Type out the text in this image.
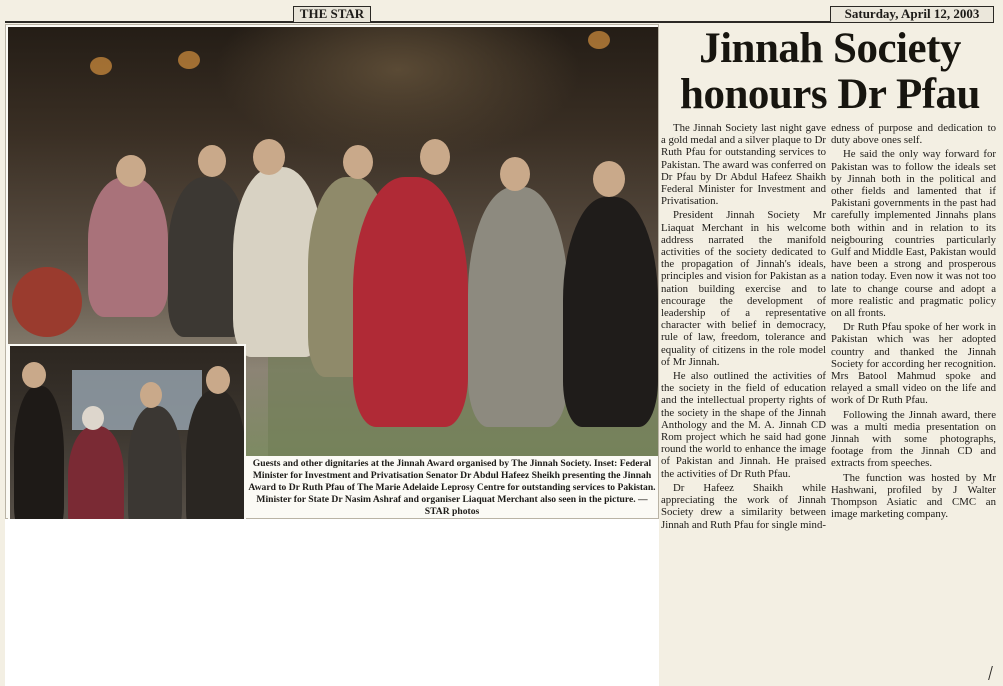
THE STAR	Saturday, April 12, 2003

Guests and other dignitaries at the Jinnah Award organised by The Jinnah Society. Inset: Federal Minister for Investment and Privatisation Senator Dr Abdul Hafeez Sheikh presenting the Jinnah Award to Dr Ruth Pfau of The Marie Adelaide Leprosy Centre for outstanding services to Pakistan. Minister for State Dr Nasim Ashraf and organiser Liaquat Merchant also seen in the picture. —STAR photos

Jinnah Society
honours Dr Pfau

The Jinnah Society last night gave a gold medal and a silver plaque to Dr Ruth Pfau for outstanding services to Pakistan. The award was conferred on Dr Pfau by Dr Abdul Hafeez Shaikh Federal Minister for Investment and Privatisation.

President Jinnah Society Mr Liaquat Merchant in his welcome address narrated the manifold activities of the society dedicated to the propagation of Jinnah's ideals, principles and vision for Pakistan as a nation building exercise and to encourage the development of leadership of a representative character with belief in democracy, rule of law, freedom, tolerance and equality of citizens in the role model of Mr Jinnah.

He also outlined the activities of the society in the field of education and the intellectual property rights of the society in the shape of the Jinnah Anthology and the M. A. Jinnah CD Rom project which he said had gone round the world to enhance the image of Pakistan and Jinnah. He praised the activities of Dr Ruth Pfau.

Dr Hafeez Shaikh while appreciating the work of Jinnah Society drew a similarity between Jinnah and Ruth Pfau for single mind-

edness of purpose and dedication to duty above ones self.

He said the only way forward for Pakistan was to follow the ideals set by Jinnah both in the political and other fields and lamented that if Pakistani governments in the past had carefully implemented Jinnahs plans both within and in relation to its neigbouring countries particularly Gulf and Middle East, Pakistan would have been a strong and prosperous nation today. Even now it was not too late to change course and adopt a more realistic and pragmatic policy on all fronts.

Dr Ruth Pfau spoke of her work in Pakistan which was her adopted country and thanked the Jinnah Society for according her recognition. Mrs Batool Mahmud spoke and relayed a small video on the life and work of Dr Ruth Pfau.

Following the Jinnah award, there was a multi media presentation on Jinnah with some photographs, footage from the Jinnah CD and extracts from speeches.

The function was hosted by Mr Hashwani, profiled by J Walter Thompson Asiatic and CMC an image marketing company.
